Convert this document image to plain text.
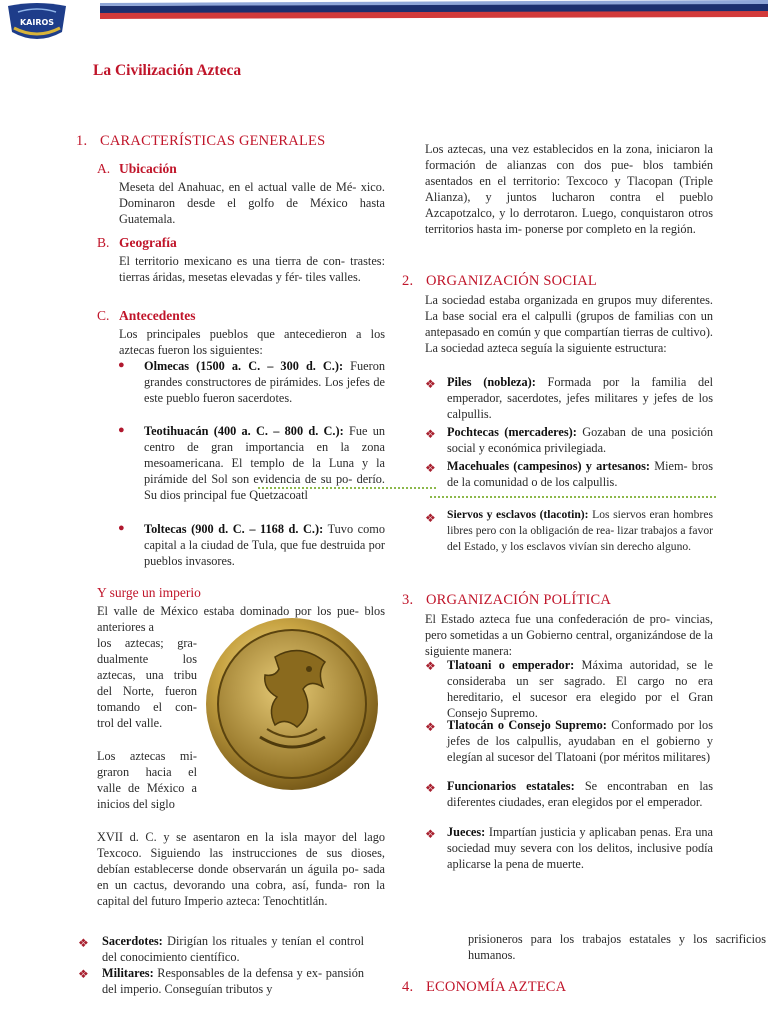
KAIROS
La Civilización Azteca
1. CARACTERÍSTICAS GENERALES
A. Ubicación
Meseta del Anahuac, en el actual valle de Mé- xico. Dominaron desde el golfo de México hasta Guatemala.
B. Geografía
El territorio mexicano es una tierra de con- trastes: tierras áridas, mesetas elevadas y fér- tiles valles.
C. Antecedentes
Los principales pueblos que antecedieron a los aztecas fueron los siguientes:
● Olmecas (1500 a. C. – 300 d. C.): Fueron grandes constructores de pirámides. Los jefes de este pueblo fueron sacerdotes.
● Teotihuacán (400 a. C. – 800 d. C.): Fue un centro de gran importancia en la zona mesoamericana. El templo de la Luna y la pirámide del Sol son evidencia de su po- derío. Su dios principal fue Quetzacoatl
● Toltecas (900 d. C. – 1168 d. C.): Tuvo como capital a la ciudad de Tula, que fue destruida por pueblos invasores.
Y surge un imperio
El valle de México estaba dominado por los pue- blos anteriores a
los aztecas; gra- dualmente los aztecas, una tribu del Norte, fueron tomando el con- trol del valle.
Los aztecas mi- graron hacia el valle de México a inicios del siglo
XVII d. C. y se asentaron en la isla mayor del lago Texcoco. Siguiendo las instrucciones de sus dioses, debían establecerse donde observarán un águila po- sada en un cactus, devorando una cobra, así, funda- ron la capital del futuro Imperio azteca: Tenochtitlán.
❖ Sacerdotes: Dirigían los rituales y tenían el control del conocimiento científico.
❖ Militares: Responsables de la defensa y ex- pansión del imperio. Conseguían tributos y
Los aztecas, una vez establecidos en la zona, iniciaron la formación de alianzas con dos pue- blos también asentados en el territorio: Texcoco y Tlacopan (Triple Alianza), y juntos lucharon contra el pueblo Azcapotzalco, y lo derrotaron. Luego, conquistaron otros territorios hasta im- ponerse por completo en la región.
2. ORGANIZACIÓN SOCIAL
La sociedad estaba organizada en grupos muy diferentes. La base social era el calpulli (grupos de familias con un antepasado en común y que compartían tierras de cultivo). La sociedad azteca seguía la siguiente estructura:
❖ Piles (nobleza): Formada por la familia del emperador, sacerdotes, jefes militares y jefes de los calpullis.
❖ Pochtecas (mercaderes): Gozaban de una posición social y económica privilegiada.
❖ Macehuales (campesinos) y artesanos: Miem- bros de la comunidad o de los calpullis.
❖ Siervos y esclavos (tlacotin): Los siervos eran hombres libres pero con la obligación de rea- lizar trabajos a favor del Estado, y los esclavos vivían sin derecho alguno.
3. ORGANIZACIÓN POLÍTICA
El Estado azteca fue una confederación de pro- vincias, pero sometidas a un Gobierno central, organizándose de la siguiente manera:
❖ Tlatoani o emperador: Máxima autoridad, se le consideraba un ser sagrado. El cargo no era hereditario, el sucesor era elegido por el Gran Consejo Supremo.
❖ Tlatocán o Consejo Supremo: Conformado por los jefes de los calpullis, ayudaban en el gobierno y elegían al sucesor del Tlatoani (por méritos militares)
❖ Funcionarios estatales: Se encontraban en las diferentes ciudades, eran elegidos por el emperador.
❖ Jueces: Impartían justicia y aplicaban penas. Era una sociedad muy severa con los delitos, inclusive podía aplicarse la pena de muerte.
prisioneros para los trabajos estatales y los sacrificios humanos.
4. ECONOMÍA AZTECA
